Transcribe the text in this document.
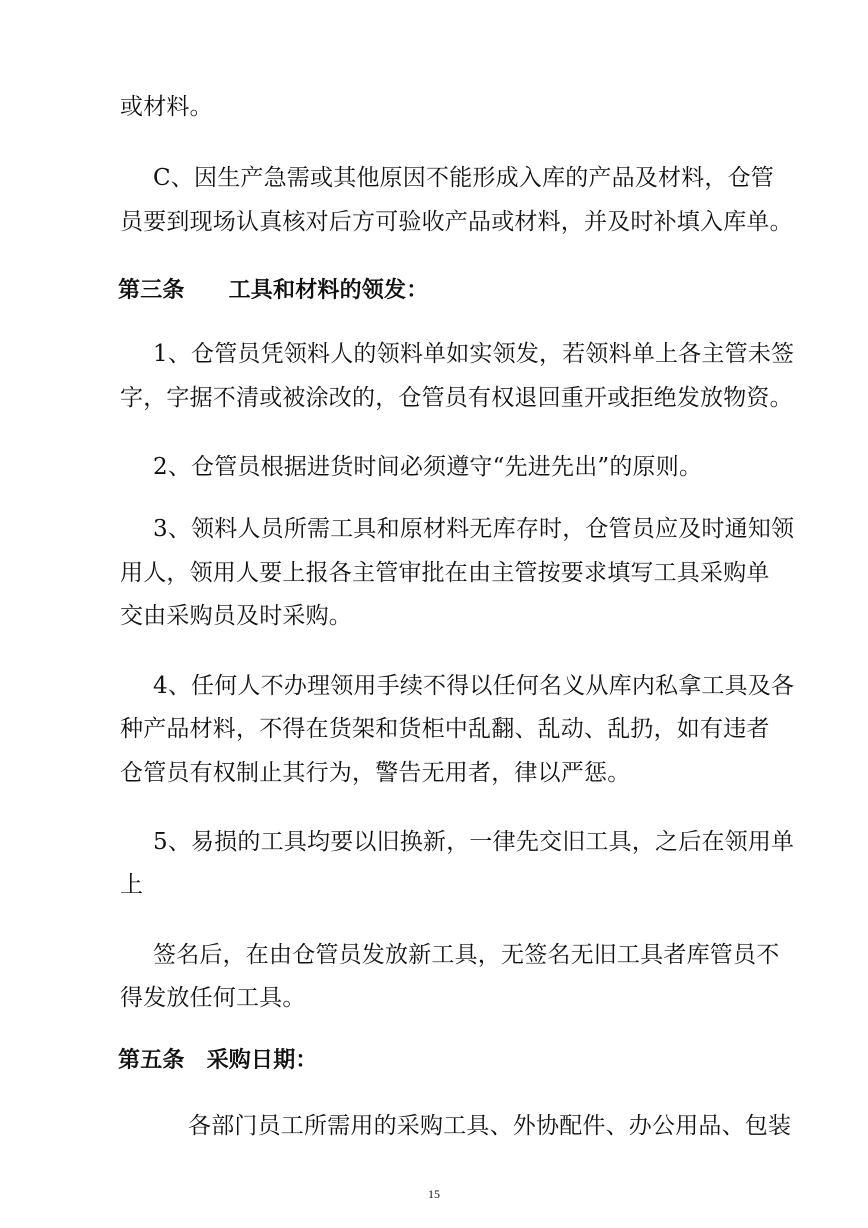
或材料。
C、因生产急需或其他原因不能形成入库的产品及材料，仓管
员要到现场认真核对后方可验收产品或材料，并及时补填入库单。
第三条 工具和材料的领发：
1、仓管员凭领料人的领料单如实领发，若领料单上各主管未签
字，字据不清或被涂改的，仓管员有权退回重开或拒绝发放物资。
2、仓管员根据进货时间必须遵守“先进先出”的原则。
3、领料人员所需工具和原材料无库存时，仓管员应及时通知领
用人，领用人要上报各主管审批在由主管按要求填写工具采购单
交由采购员及时采购。
4、任何人不办理领用手续不得以任何名义从库内私拿工具及各
种产品材料，不得在货架和货柜中乱翻、乱动、乱扔，如有违者
仓管员有权制止其行为，警告无用者，律以严惩。
5、易损的工具均要以旧换新，一律先交旧工具，之后在领用单
上
签名后，在由仓管员发放新工具，无签名无旧工具者库管员不
得发放任何工具。
第五条 采购日期：
各部门员工所需用的采购工具、外协配件、办公用品、包装
15
